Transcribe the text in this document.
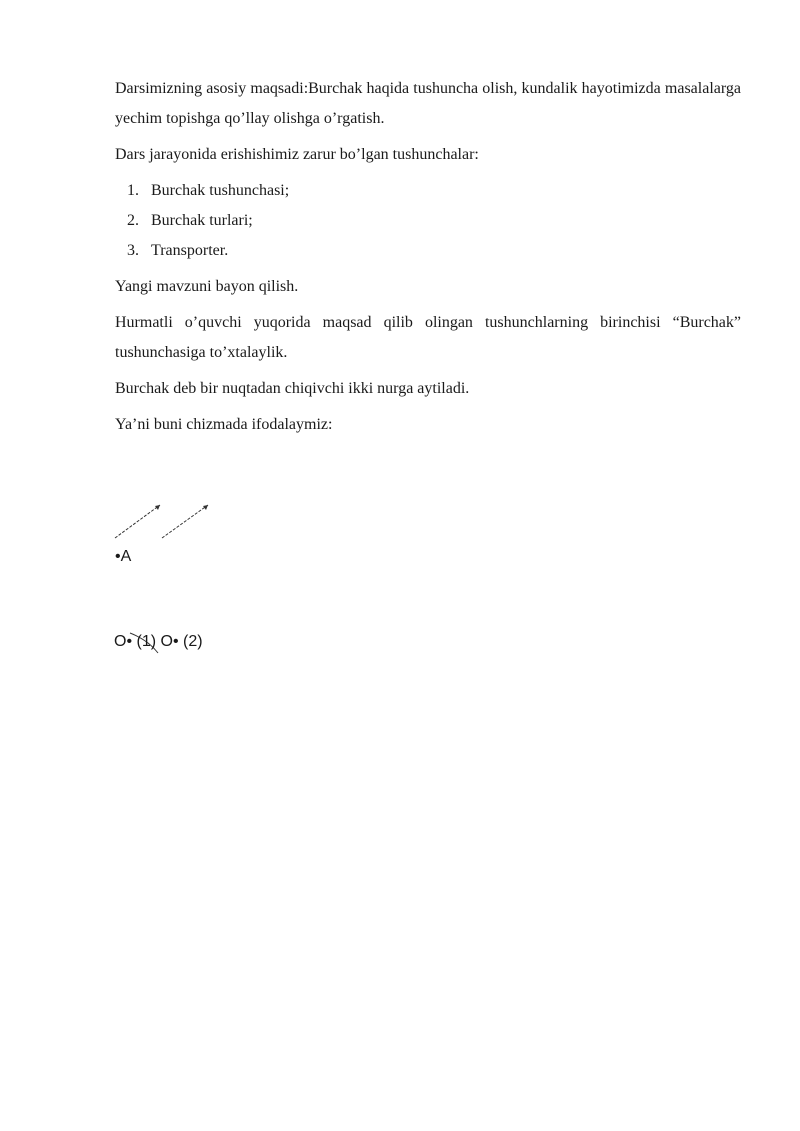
Darsimizning asosiy maqsadi:Burchak haqida tushuncha olish, kundalik hayotimizda masalalarga yechim topishga qo’llay olishga o’rgatish.

Dars jarayonida erishishimiz zarur bo’lgan tushunchalar:

1. Burchak tushunchasi;
2. Burchak turlari;
3. Transporter.

Yangi mavzuni bayon qilish.

Hurmatli o’quvchi yuqorida maqsad qilib olingan tushunchlarning birinchisi “Burchak” tushunchasiga to’xtalaylik.

Burchak deb bir nuqtadan chiqivchi ikki nurga aytiladi.

Ya’ni buni chizmada ifodalaymiz:

•A
O• (1) O• (2)
